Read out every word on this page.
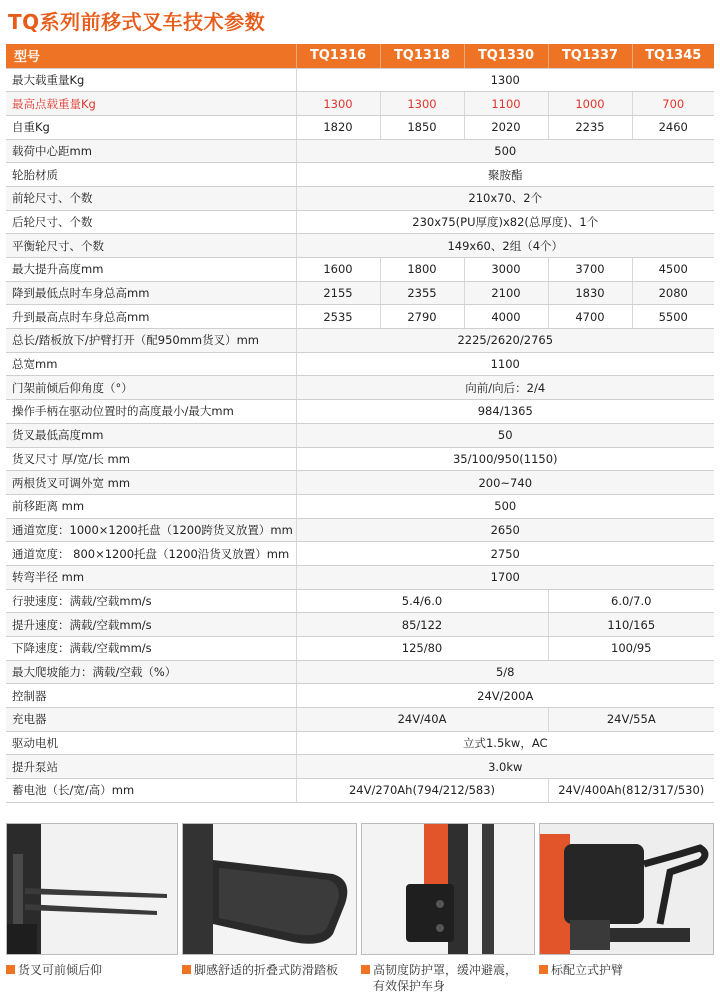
TQ系列前移式叉车技术参数
型号	TQ1316	TQ1318	TQ1330	TQ1337	TQ1345
最大载重量Kg	1300				
最高点载重量Kg	1300	1300	1100	1000	700
自重Kg	1820	1850	2020	2235	2460
载荷中心距mm	500				
轮胎材质	聚胺酯				
前轮尺寸、个数	210x70、2个				
后轮尺寸、个数	230x75(PU厚度)x82(总厚度)、1个				
平衡轮尺寸、个数	149x60、2组（4个）				
最大提升高度mm	1600	1800	3000	3700	4500
降到最低点时车身总高mm	2155	2355	2100	1830	2080
升到最高点时车身总高mm	2535	2790	4000	4700	5500
总长/踏板放下/护臂打开（配950mm货叉）mm	2225/2620/2765				
总宽mm	1100				
门架前倾后仰角度（°）	向前/向后：2/4				
操作手柄在驱动位置时的高度最小/最大mm	984/1365				
货叉最低高度mm	50				
货叉尺寸 厚/宽/长 mm	35/100/950(1150)				
两根货叉可调外宽 mm	200~740				
前移距离 mm	500				
通道宽度：1000×1200托盘（1200跨货叉放置）mm	2650				
通道宽度： 800×1200托盘（1200沿货叉放置）mm	2750				
转弯半径 mm	1700				
行驶速度：满载/空载mm/s	5.4/6.0			6.0/7.0	
提升速度：满载/空载mm/s	85/122			110/165	
下降速度：满载/空载mm/s	125/80			100/95	
最大爬坡能力：满载/空载（%）	5/8				
控制器	24V/200A				
充电器	24V/40A			24V/55A	
驱动电机	立式1.5kw，AC				
提升泵站	3.0kw				
蓄电池（长/宽/高）mm	24V/270Ah(794/212/583)			24V/400Ah(812/317/530)	
货叉可前倾后仰	脚感舒适的折叠式防滑踏板	高韧度防护罩，缓冲避震，
有效保护车身
标配立式护臂
